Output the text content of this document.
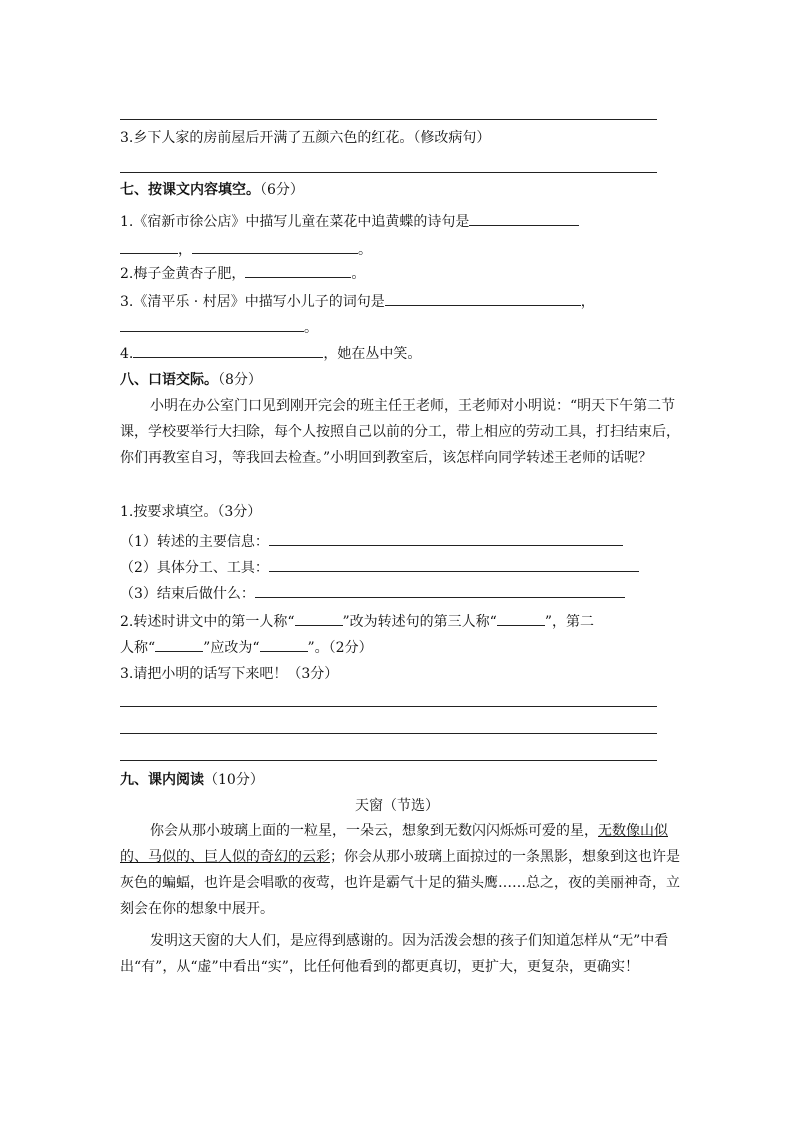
3.乡下人家的房前屋后开满了五颜六色的红花。（修改病句）
七、按课文内容填空。（6分）
1.《宿新市徐公店》中描写儿童在菜花中追黄蝶的诗句是
，	。
2.梅子金黄杏子肥，	。
3.《清平乐 · 村居》中描写小儿子的词句是	，
。
4.	，她在丛中笑。
八、口语交际。（8分）
小明在办公室门口见到刚开完会的班主任王老师，王老师对小明说：“明天下午第二节课，学校要举行大扫除，每个人按照自己以前的分工，带上相应的劳动工具，打扫结束后，你们再教室自习，等我回去检查。”小明回到教室后，该怎样向同学转述王老师的话呢？
1.按要求填空。（3分）
（1）转述的主要信息：
（2）具体分工、工具：
（3）结束后做什么：
2.转述时讲文中的第一人称“	”改为转述句的第三人称“	”，第二
人称“	”应改为“	”。（2分）
3.请把小明的话写下来吧！（3分）
九、课内阅读（10分）
天窗（节选）
你会从那小玻璃上面的一粒星，一朵云，想象到无数闪闪烁烁可爱的星，无数像山似的、马似的、巨人似的奇幻的云彩；你会从那小玻璃上面掠过的一条黑影，想象到这也许是灰色的蝙蝠，也许是会唱歌的夜莺，也许是霸气十足的猫头鹰……总之，夜的美丽神奇，立刻会在你的想象中展开。
发明这天窗的大人们，是应得到感谢的。因为活泼会想的孩子们知道怎样从“无”中看出“有”，从“虚”中看出“实”，比任何他看到的都更真切，更扩大，更复杂，更确实！
